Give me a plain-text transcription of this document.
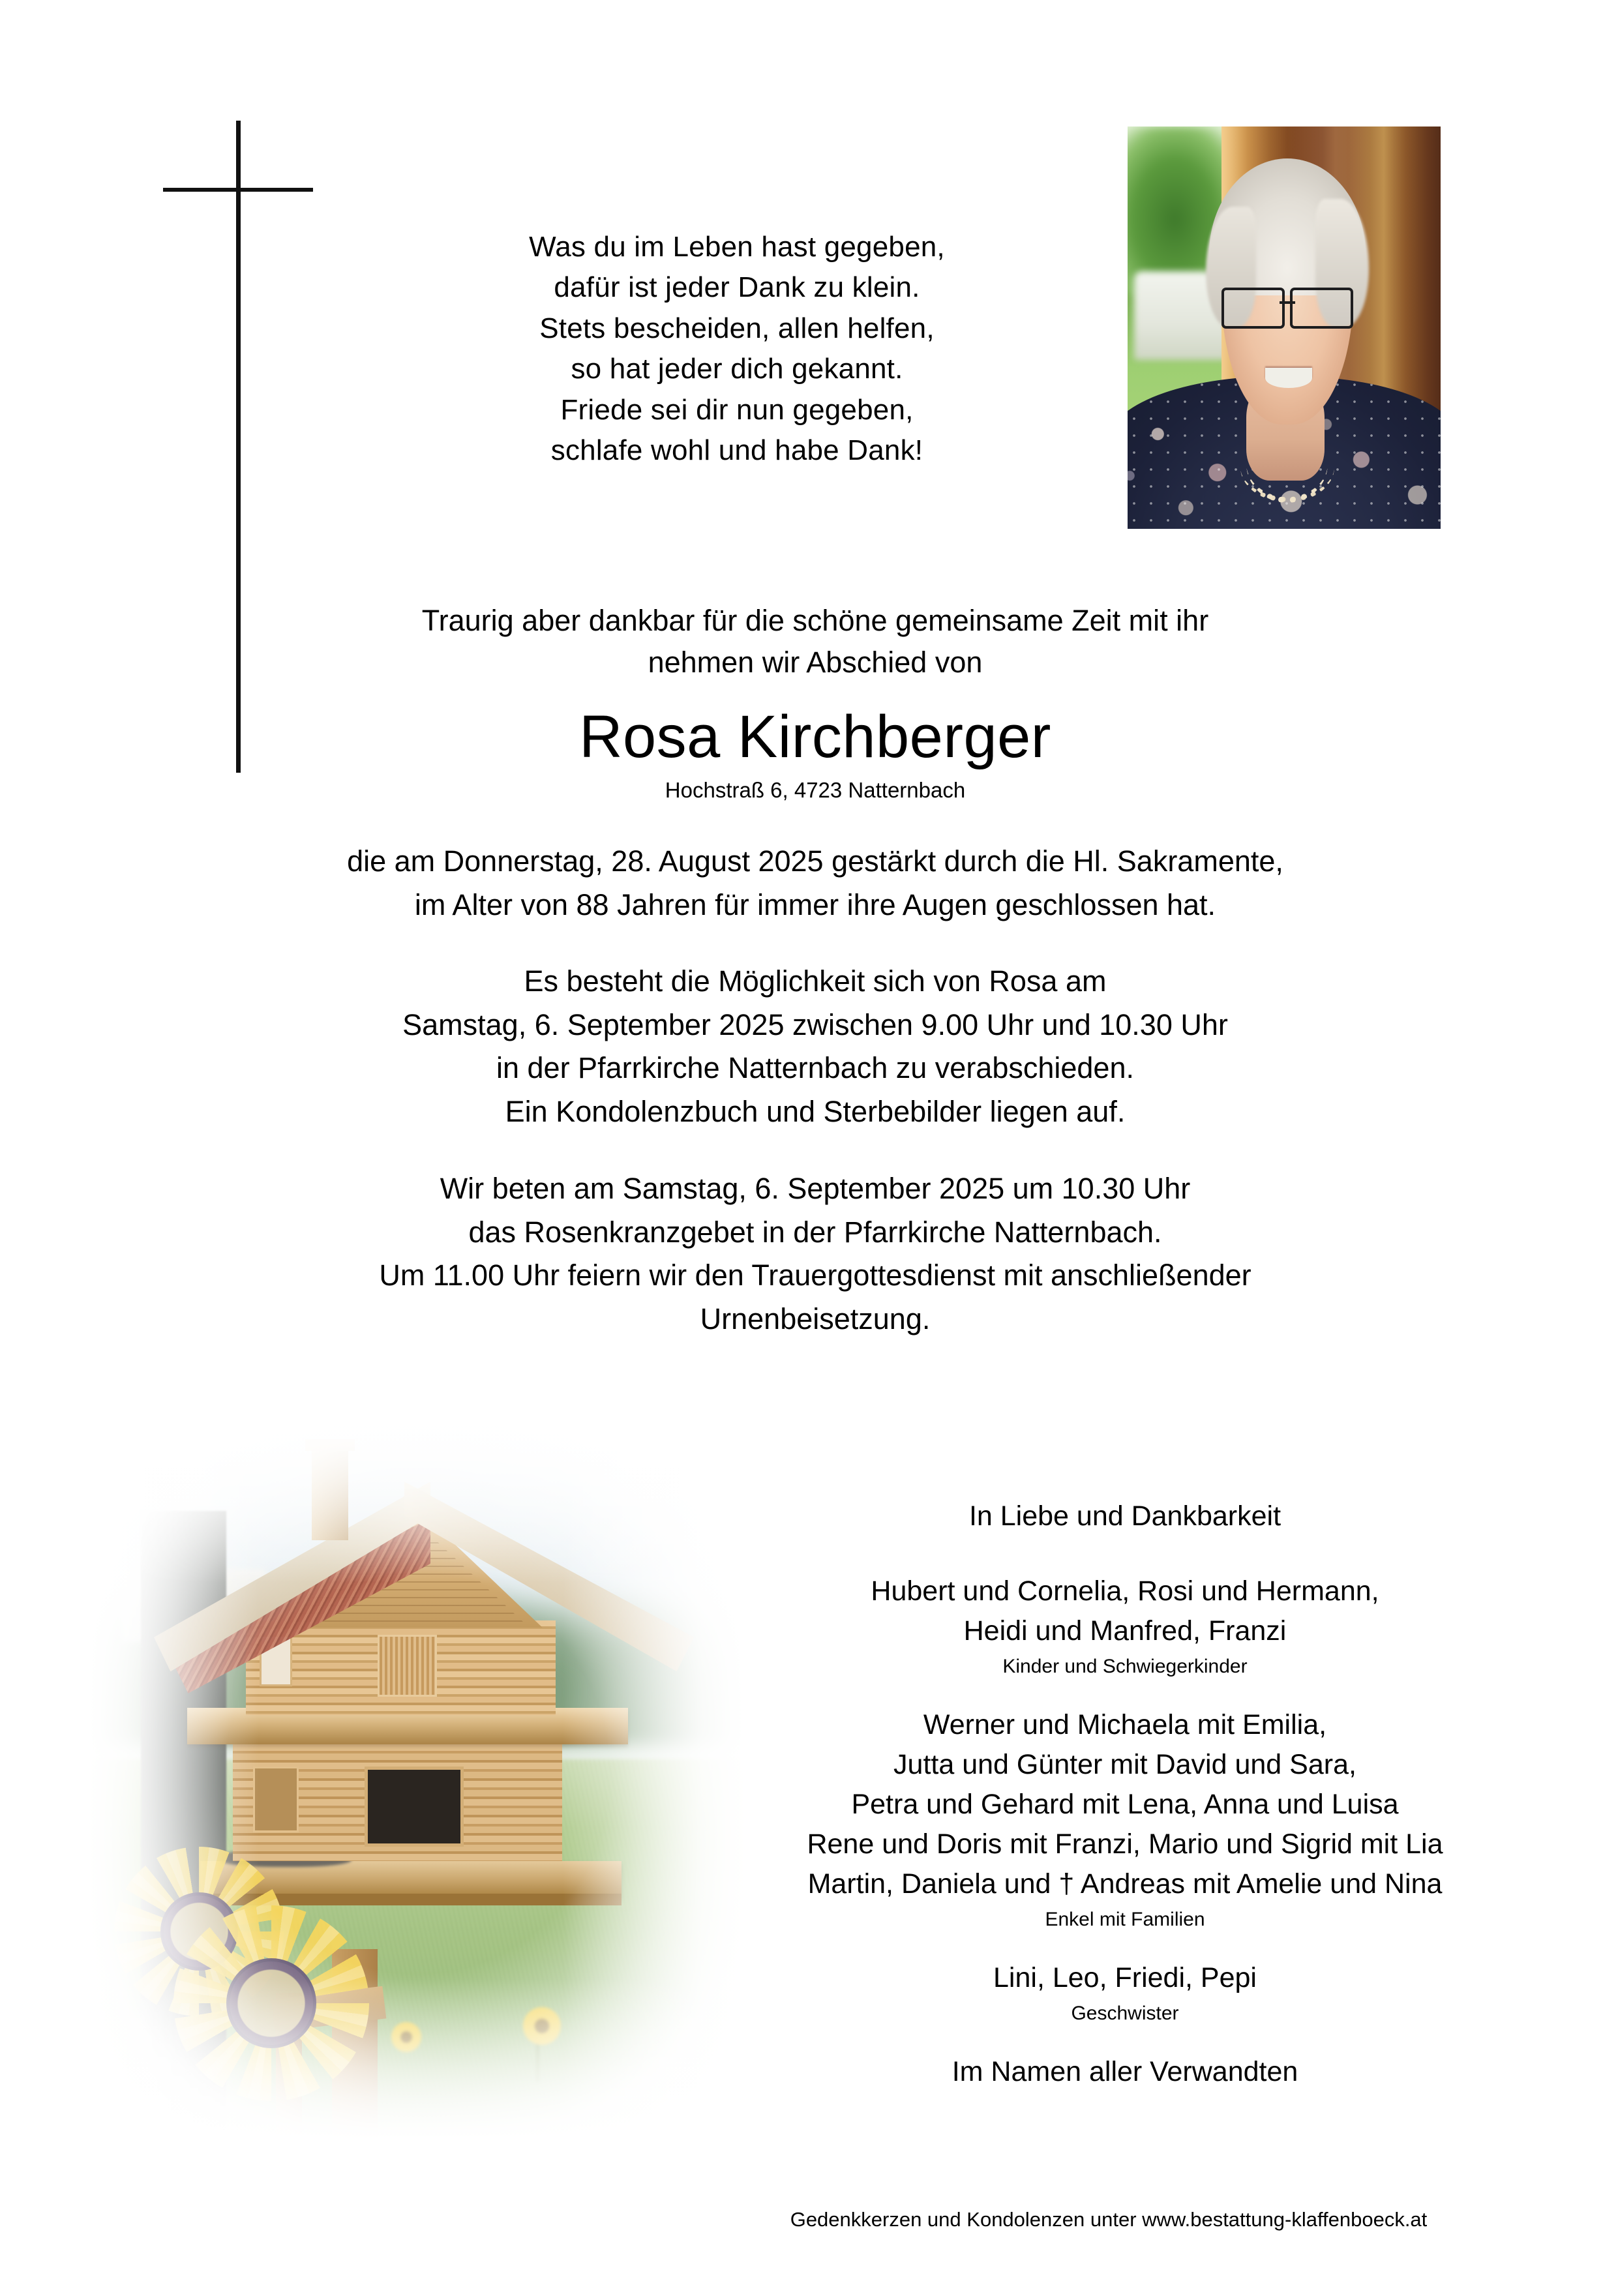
Was du im Leben hast gegeben,
dafür ist jeder Dank zu klein.
Stets bescheiden, allen helfen,
so hat jeder dich gekannt.
Friede sei dir nun gegeben,
schlafe wohl und habe Dank!
Traurig aber dankbar für die schöne gemeinsame Zeit mit ihr
nehmen wir Abschied von
Rosa Kirchberger
Hochstraß 6, 4723 Natternbach
die am Donnerstag, 28. August 2025 gestärkt durch die Hl. Sakramente,
im Alter von 88 Jahren für immer ihre Augen geschlossen hat.
Es besteht die Möglichkeit sich von Rosa am
Samstag, 6. September 2025 zwischen 9.00 Uhr und 10.30 Uhr
in der Pfarrkirche Natternbach zu verabschieden.
Ein Kondolenzbuch und Sterbebilder liegen auf.
Wir beten am Samstag, 6. September 2025 um 10.30 Uhr
das Rosenkranzgebet in der Pfarrkirche Natternbach.
Um 11.00 Uhr feiern wir den Trauergottesdienst mit anschließender
Urnenbeisetzung.
In Liebe und Dankbarkeit
Hubert und Cornelia, Rosi und Hermann,
Heidi und Manfred, Franzi
Kinder und Schwiegerkinder
Werner und Michaela mit Emilia,
Jutta und Günter mit David und Sara,
Petra und Gehard mit Lena, Anna und Luisa
Rene und Doris mit Franzi, Mario und Sigrid mit Lia
Martin, Daniela und † Andreas mit Amelie und Nina
Enkel mit Familien
Lini, Leo, Friedi, Pepi
Geschwister
Im Namen aller Verwandten
Gedenkkerzen und Kondolenzen unter www.bestattung-klaffenboeck.at
